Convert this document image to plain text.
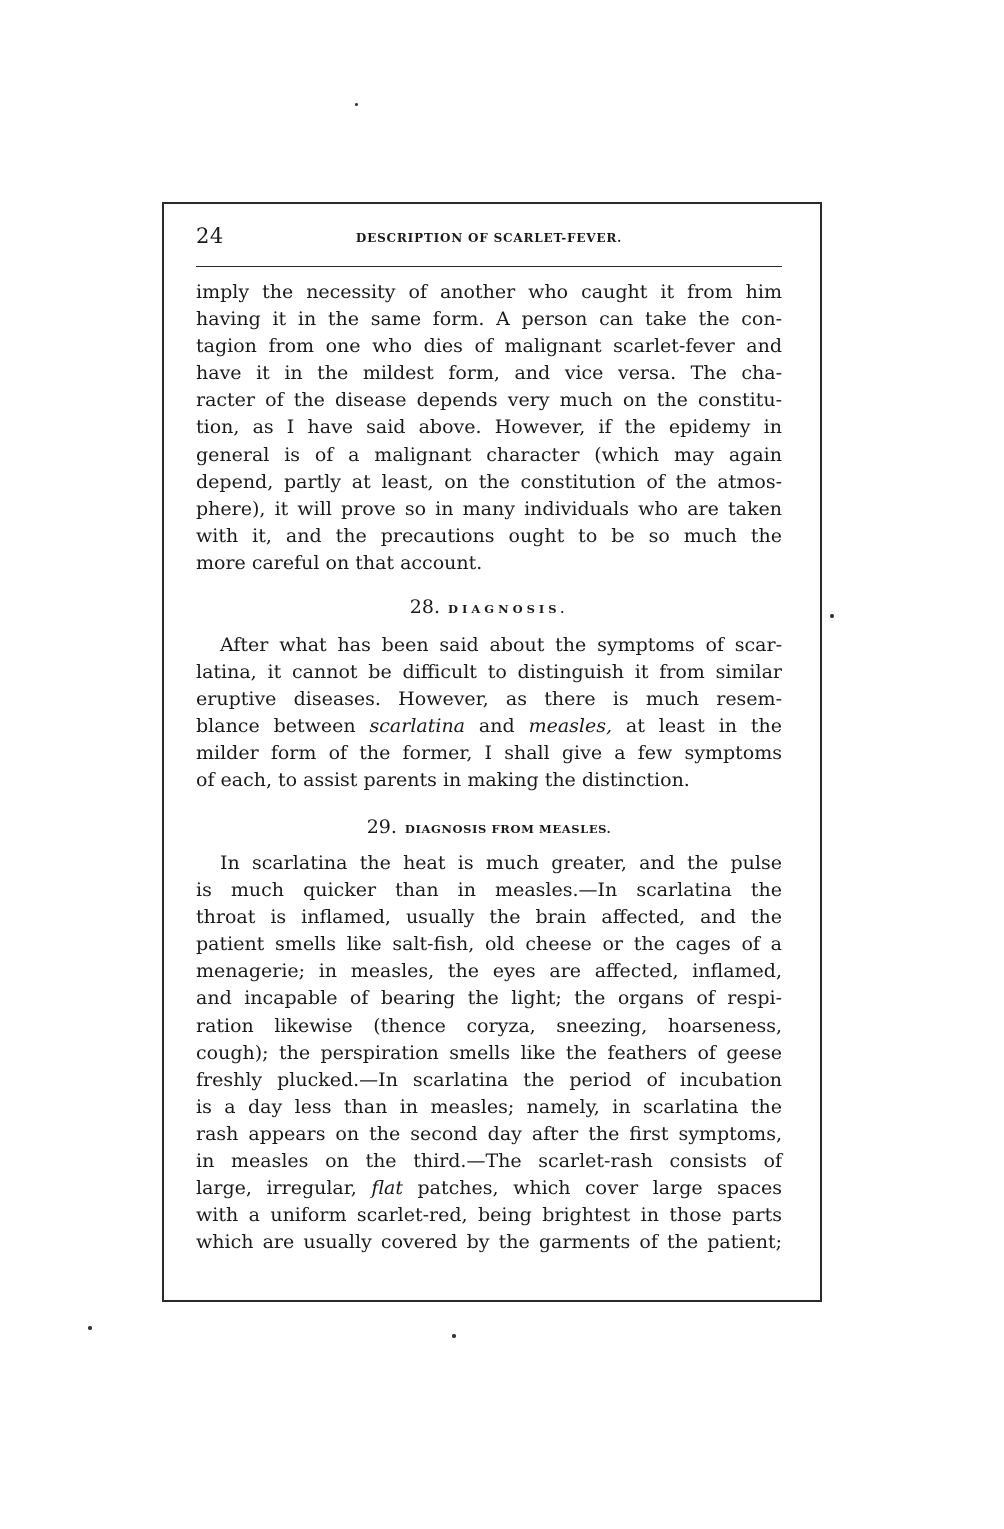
24	DESCRIPTION OF SCARLET-FEVER.
imply the necessity of another who caught it from him
having it in the same form. A person can take the con-
tagion from one who dies of malignant scarlet-fever and
have it in the mildest form, and vice versa. The cha-
racter of the disease depends very much on the constitu-
tion, as I have said above. However, if the epidemy in
general is of a malignant character (which may again
depend, partly at least, on the constitution of the atmos-
phere), it will prove so in many individuals who are taken
with it, and the precautions ought to be so much the
more careful on that account.
28. DIAGNOSIS.
After what has been said about the symptoms of scar-
latina, it cannot be difficult to distinguish it from similar
eruptive diseases. However, as there is much resem-
blance between scarlatina and measles, at least in the
milder form of the former, I shall give a few symptoms
of each, to assist parents in making the distinction.
29. DIAGNOSIS FROM MEASLES.
In scarlatina the heat is much greater, and the pulse
is much quicker than in measles.—In scarlatina the
throat is inflamed, usually the brain affected, and the
patient smells like salt-fish, old cheese or the cages of a
menagerie; in measles, the eyes are affected, inflamed,
and incapable of bearing the light; the organs of respi-
ration likewise (thence coryza, sneezing, hoarseness,
cough); the perspiration smells like the feathers of geese
freshly plucked.—In scarlatina the period of incubation
is a day less than in measles; namely, in scarlatina the
rash appears on the second day after the first symptoms,
in measles on the third.—The scarlet-rash consists of
large, irregular, flat patches, which cover large spaces
with a uniform scarlet-red, being brightest in those parts
which are usually covered by the garments of the patient;
